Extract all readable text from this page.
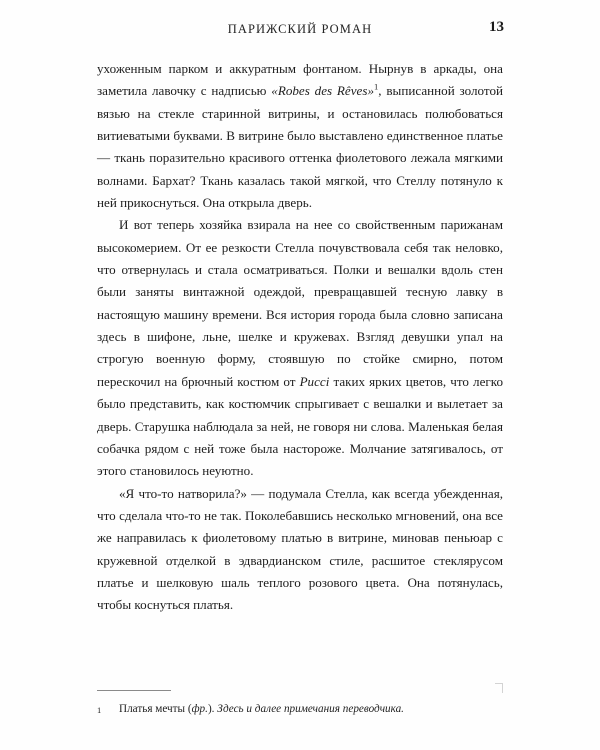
ПАРИЖСКИЙ РОМАН	13

ухоженным парком и аккуратным фонтаном. Нырнув в аркады, она заметила лавочку с надписью «Robes des Rêves»$^1$, выписанной золотой вязью на стекле старинной витрины, и остановилась полюбоваться витиеватыми буквами. В витрине было выставлено единственное платье — ткань поразительно красивого оттенка фиолетового лежала мягкими волнами. Бархат? Ткань казалась такой мягкой, что Стеллу потянуло к ней прикоснуться. Она открыла дверь.

И вот теперь хозяйка взирала на нее со свойственным парижанам высокомерием. От ее резкости Стелла почувствовала себя так неловко, что отвернулась и стала осматриваться. Полки и вешалки вдоль стен были заняты винтажной одеждой, превращавшей тесную лавку в настоящую машину времени. Вся история города была словно записана здесь в шифоне, льне, шелке и кружевах. Взгляд девушки упал на строгую военную форму, стоявшую по стойке смирно, потом перескочил на брючный костюм от Pucci таких ярких цветов, что легко было представить, как костюмчик спрыгивает с вешалки и вылетает за дверь. Старушка наблюдала за ней, не говоря ни слова. Маленькая белая собачка рядом с ней тоже была настороже. Молчание затягивалось, от этого становилось неуютно.

«Я что-то натворила?» — подумала Стелла, как всегда убежденная, что сделала что-то не так. Поколебавшись несколько мгновений, она все же направилась к фиолетовому платью в витрине, миновав пеньюар с кружевной отделкой в эдвардианском стиле, расшитое стеклярусом платье и шелковую шаль теплого розового цвета. Она потянулась, чтобы коснуться платья.

1	Платья мечты (фр.). Здесь и далее примечания переводчика.
